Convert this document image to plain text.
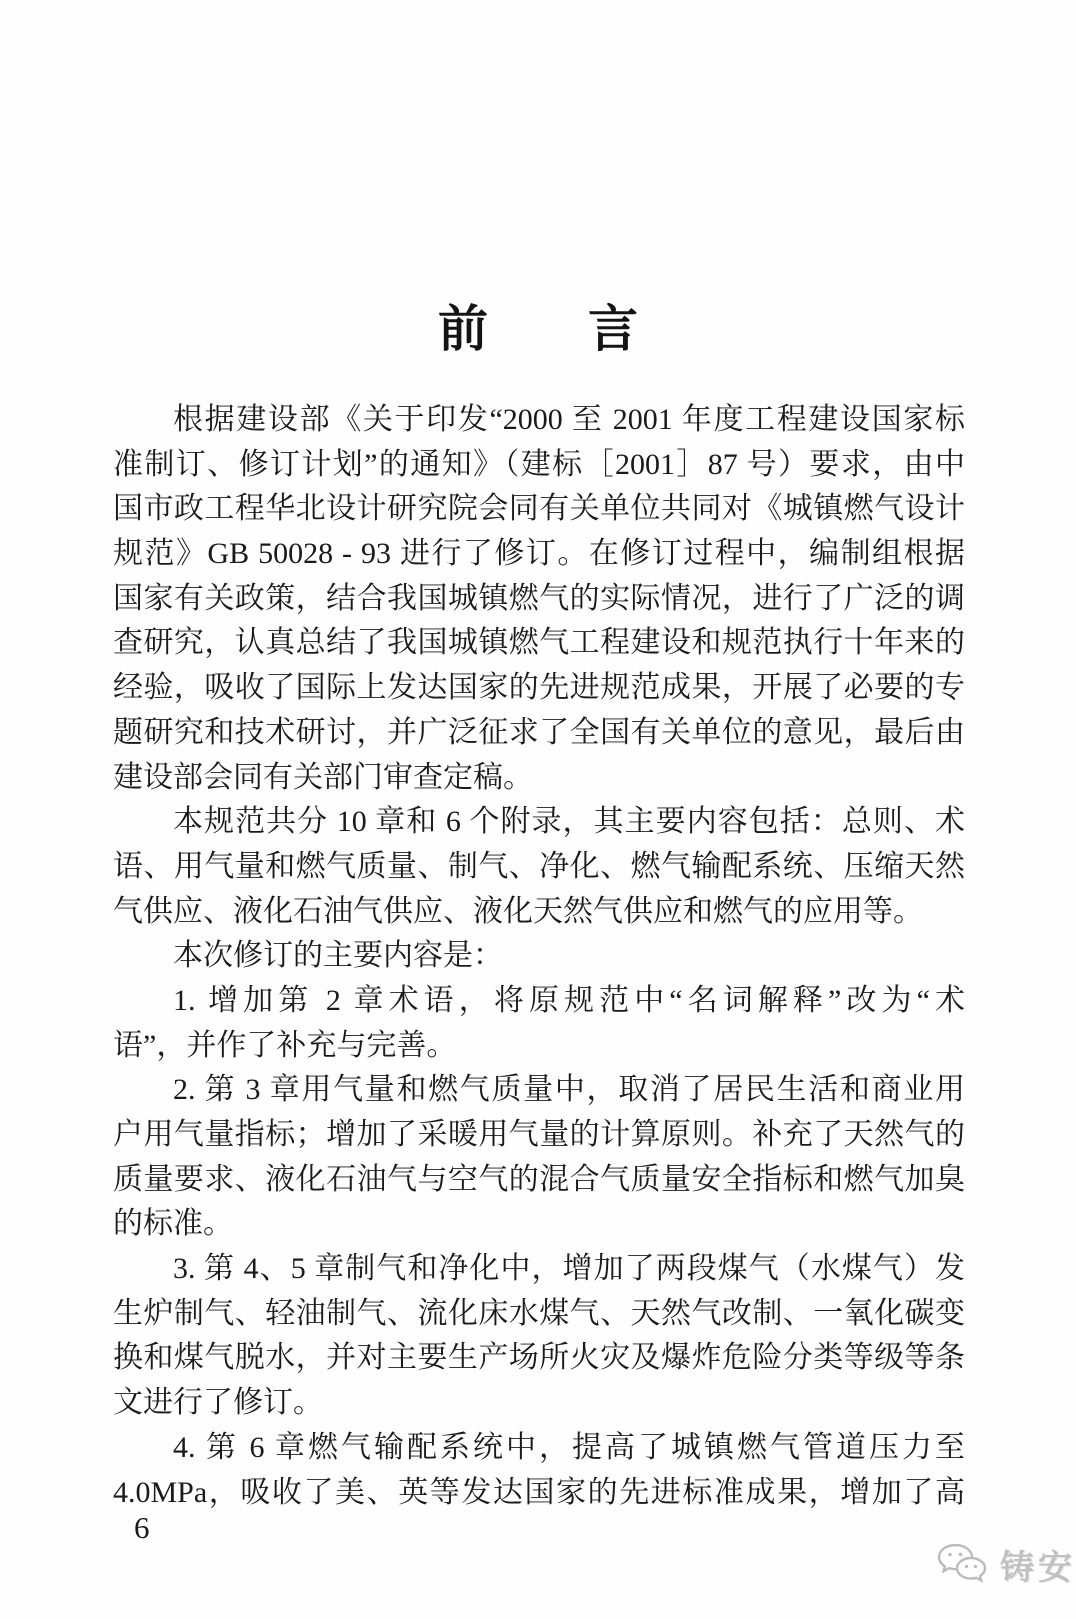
前 言
根据建设部《关于印发“2000 至 2001 年度工程建设国家标
准制订、修订计划”的通知》（建标［2001］87 号）要求，由中
国市政工程华北设计研究院会同有关单位共同对《城镇燃气设计
规范》GB 50028 - 93 进行了修订。在修订过程中，编制组根据
国家有关政策，结合我国城镇燃气的实际情况，进行了广泛的调
查研究，认真总结了我国城镇燃气工程建设和规范执行十年来的
经验，吸收了国际上发达国家的先进规范成果，开展了必要的专
题研究和技术研讨，并广泛征求了全国有关单位的意见，最后由
建设部会同有关部门审查定稿。
本规范共分 10 章和 6 个附录，其主要内容包括：总则、术
语、用气量和燃气质量、制气、净化、燃气输配系统、压缩天然
气供应、液化石油气供应、液化天然气供应和燃气的应用等。
本次修订的主要内容是：
1. 增加第 2 章术语，将原规范中“名词解释”改为“术
语”，并作了补充与完善。
2. 第 3 章用气量和燃气质量中，取消了居民生活和商业用
户用气量指标；增加了采暖用气量的计算原则。补充了天然气的
质量要求、液化石油气与空气的混合气质量安全指标和燃气加臭
的标准。
3. 第 4、5 章制气和净化中，增加了两段煤气（水煤气）发
生炉制气、轻油制气、流化床水煤气、天然气改制、一氧化碳变
换和煤气脱水，并对主要生产场所火灾及爆炸危险分类等级等条
文进行了修订。
4. 第 6 章燃气输配系统中，提高了城镇燃气管道压力至
4.0MPa，吸收了美、英等发达国家的先进标准成果，增加了高
6
铸安
